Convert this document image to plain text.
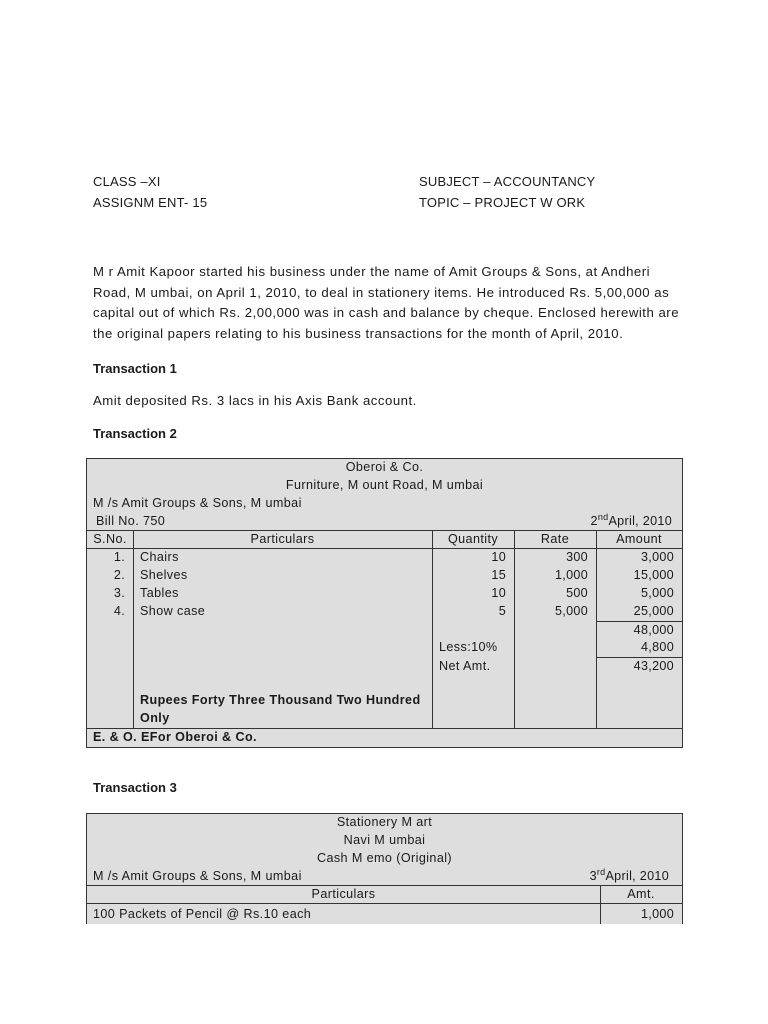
CLASS –XI	SUBJECT – ACCOUNTANCY
ASSIGNM ENT- 15	TOPIC – PROJECT W ORK
M r Amit Kapoor started his business under the name of Amit Groups & Sons, at Andheri
Road, M umbai, on April 1, 2010, to deal in stationery items. He introduced Rs. 5,00,000 as
capital out of which Rs. 2,00,000 was in cash and balance by cheque. Enclosed herewith are
the original papers relating to his business transactions for the month of April, 2010.
Transaction 1
Amit deposited Rs. 3 lacs in his Axis Bank account.
Transaction 2
Oberoi & Co.
Furniture, M ount Road, M umbai
M /s Amit Groups & Sons, M umbai
Bill No. 750	2ndApril, 2010
S.No.	Particulars	Quantity	Rate	Amount
1. Chairs	10	300	3,000
2. Shelves	15	1,000	15,000
3. Tables	10	500	5,000
4. Show case	5	5,000	25,000
48,000
Less:10%	4,800
Net Amt.	43,200
Rupees Forty Three Thousand Two Hundred
Only
E. & O. EFor Oberoi & Co.
Transaction 3
Stationery M art
Navi M umbai
Cash M emo (Original)
M /s Amit Groups & Sons, M umbai	3rdApril, 2010
Particulars	Amt.
100 Packets of Pencil @ Rs.10 each	1,000
